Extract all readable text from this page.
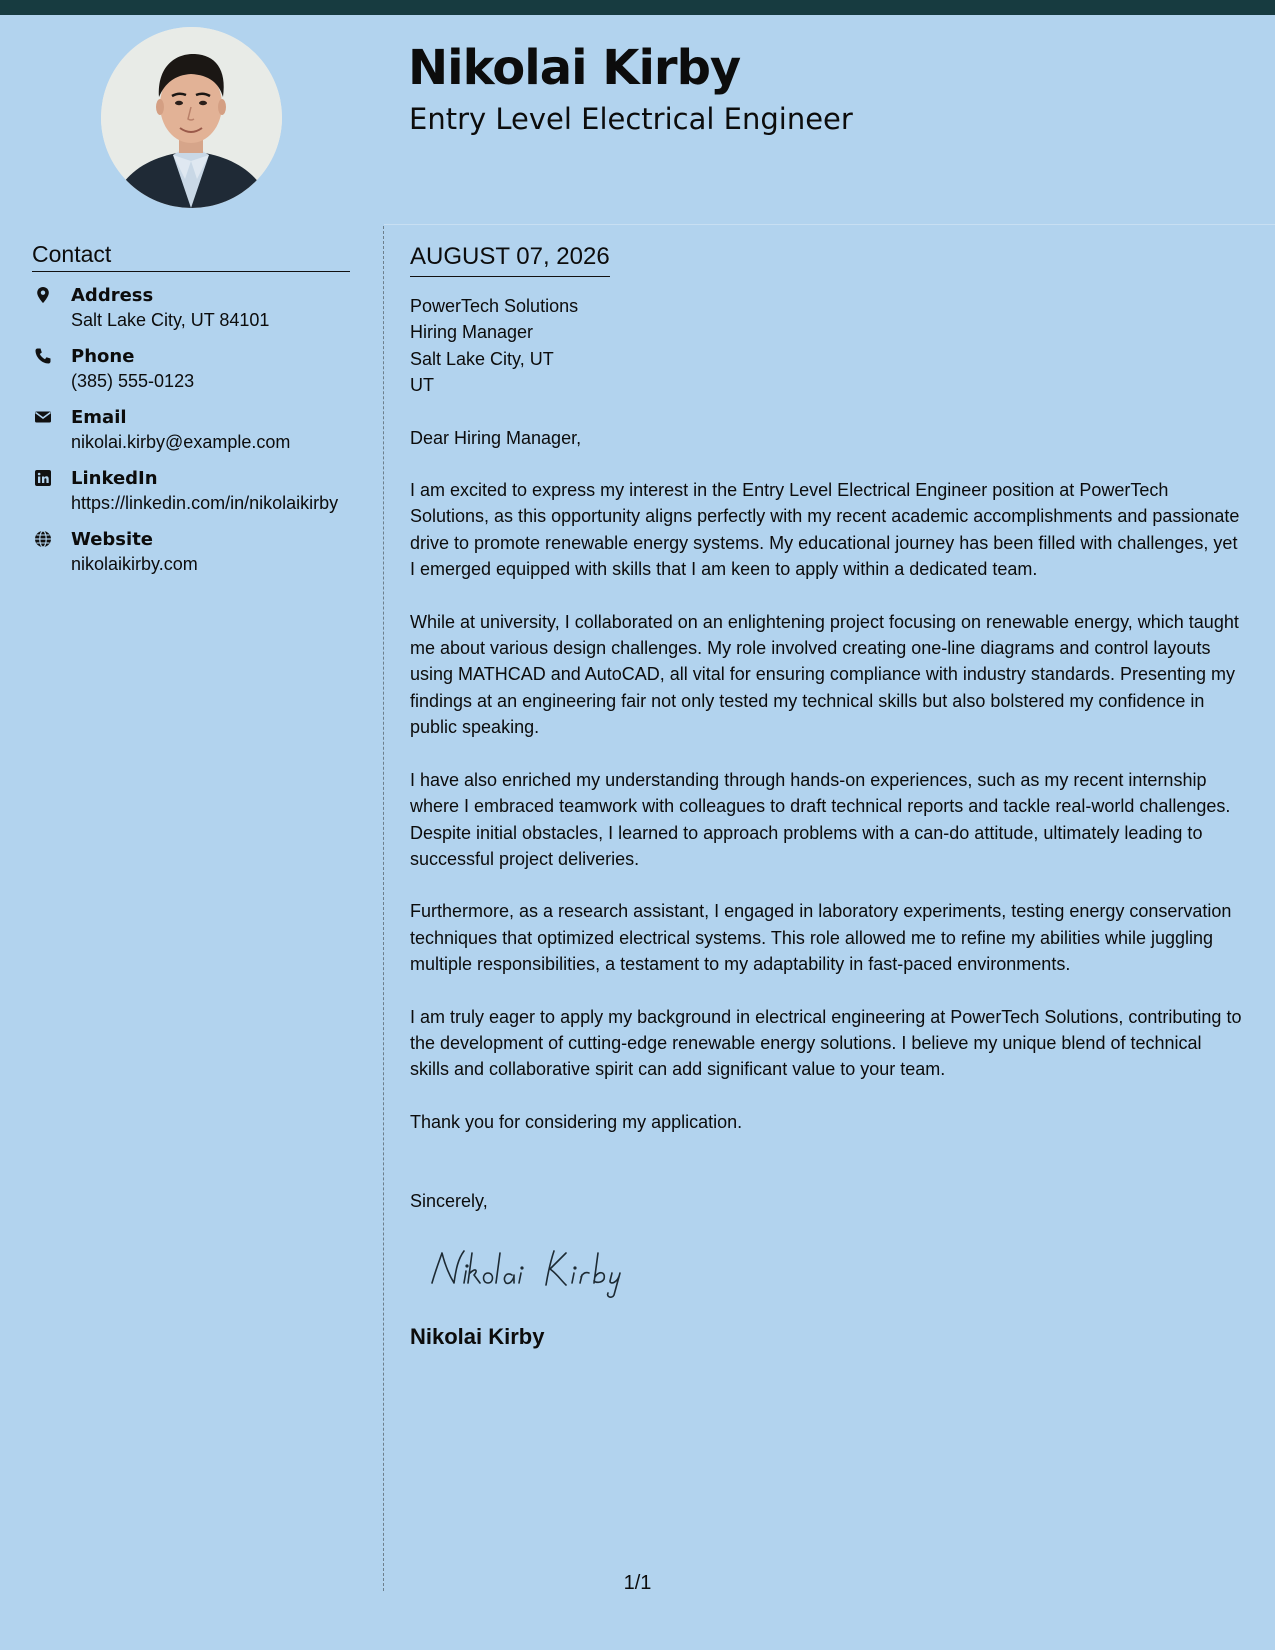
Nikolai Kirby
Entry Level Electrical Engineer
Contact
Address
Salt Lake City, UT 84101
Phone
(385) 555-0123
Email
nikolai.kirby@example.com
LinkedIn
https://linkedin.com/in/nikolaikirby
Website
nikolaikirby.com
AUGUST 07, 2026
PowerTech Solutions
Hiring Manager
Salt Lake City, UT
UT
Dear Hiring Manager,

I am excited to express my interest in the Entry Level Electrical Engineer position at PowerTech Solutions, as this opportunity aligns perfectly with my recent academic accomplishments and passionate drive to promote renewable energy systems. My educational journey has been filled with challenges, yet I emerged equipped with skills that I am keen to apply within a dedicated team.

While at university, I collaborated on an enlightening project focusing on renewable energy, which taught me about various design challenges. My role involved creating one-line diagrams and control layouts using MATHCAD and AutoCAD, all vital for ensuring compliance with industry standards. Presenting my findings at an engineering fair not only tested my technical skills but also bolstered my confidence in public speaking.

I have also enriched my understanding through hands-on experiences, such as my recent internship where I embraced teamwork with colleagues to draft technical reports and tackle real-world challenges. Despite initial obstacles, I learned to approach problems with a can-do attitude, ultimately leading to successful project deliveries.

Furthermore, as a research assistant, I engaged in laboratory experiments, testing energy conservation techniques that optimized electrical systems. This role allowed me to refine my abilities while juggling multiple responsibilities, a testament to my adaptability in fast-paced environments.

I am truly eager to apply my background in electrical engineering at PowerTech Solutions, contributing to the development of cutting-edge renewable energy solutions. I believe my unique blend of technical skills and collaborative spirit can add significant value to your team.

Thank you for considering my application.
Sincerely,
Nikolai Kirby
1/1
